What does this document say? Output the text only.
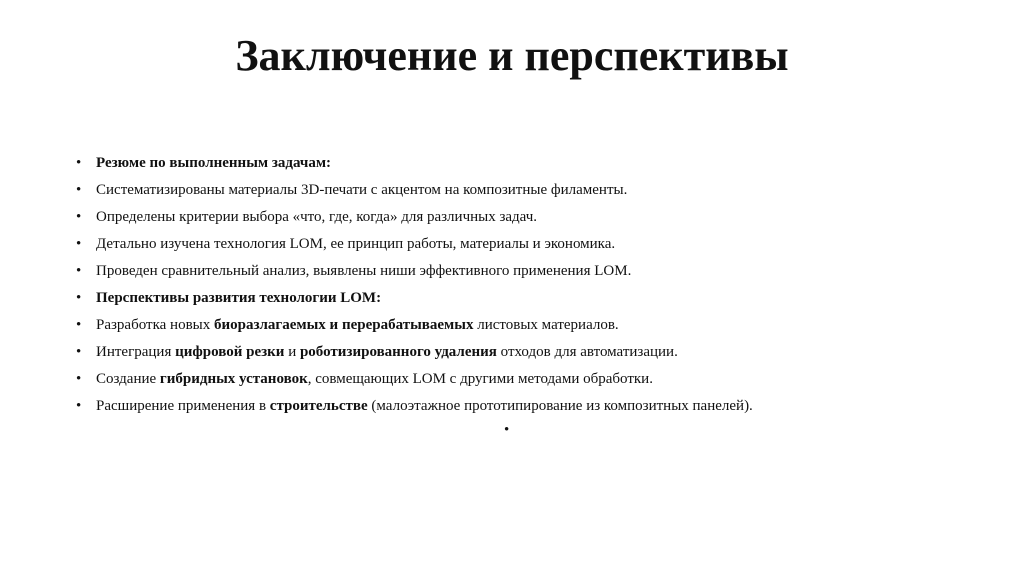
Заключение и перспективы
• Резюме по выполненным задачам:
• Систематизированы материалы 3D-печати с акцентом на композитные филаменты.
• Определены критерии выбора «что, где, когда» для различных задач.
• Детально изучена технология LOM, ее принцип работы, материалы и экономика.
• Проведен сравнительный анализ, выявлены ниши эффективного применения LOM.
• Перспективы развития технологии LOM:
• Разработка новых биоразлагаемых и перерабатываемых листовых материалов.
• Интеграция цифровой резки и роботизированного удаления отходов для автоматизации.
• Создание гибридных установок, совмещающих LOM с другими методами обработки.
• Расширение применения в строительстве (малоэтажное прототипирование из композитных панелей).
•
